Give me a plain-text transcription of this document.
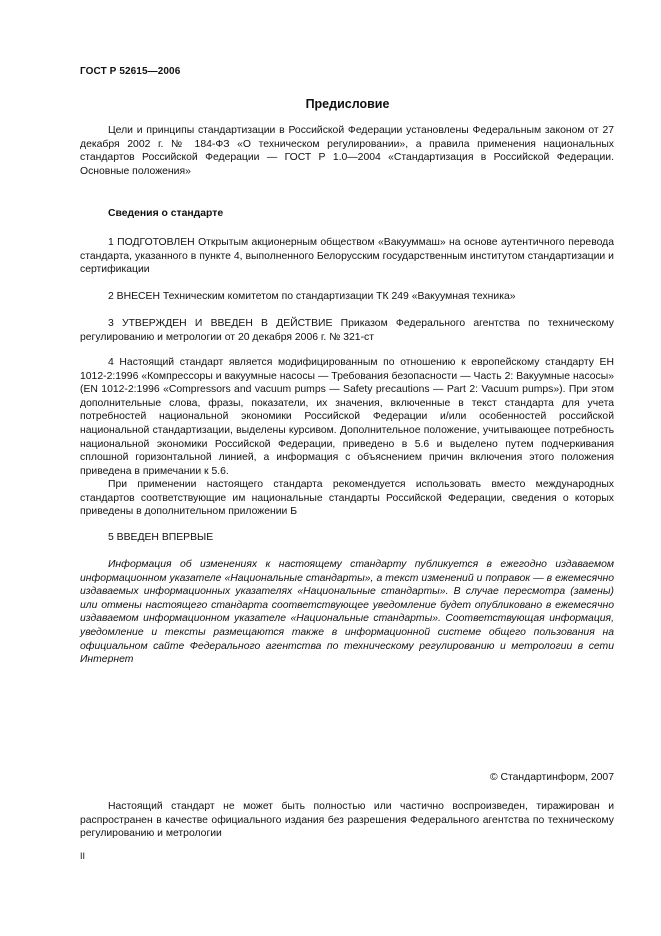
ГОСТ Р 52615—2006
Предисловие

Цели и принципы стандартизации в Российской Федерации установлены Федеральным законом от 27 декабря 2002 г. № 184-ФЗ «О техническом регулировании», а правила применения национальных стандартов Российской Федерации — ГОСТ Р 1.0—2004 «Стандартизация в Российской Федерации. Основные положения»

Сведения о стандарте

1 ПОДГОТОВЛЕН Открытым акционерным обществом «Вакууммаш» на основе аутентичного перевода стандарта, указанного в пункте 4, выполненного Белорусским государственным институтом стандартизации и сертификации

2 ВНЕСЕН Техническим комитетом по стандартизации ТК 249 «Вакуумная техника»

3 УТВЕРЖДЕН И ВВЕДЕН В ДЕЙСТВИЕ Приказом Федерального агентства по техническому регулированию и метрологии от 20 декабря 2006 г. № 321-ст

4 Настоящий стандарт является модифицированным по отношению к европейскому стандарту ЕН 1012-2:1996 «Компрессоры и вакуумные насосы — Требования безопасности — Часть 2: Вакуумные насосы» (EN 1012-2:1996 «Compressors and vacuum pumps — Safety precautions — Part 2: Vacuum pumps»). При этом дополнительные слова, фразы, показатели, их значения, включенные в текст стандарта для учета потребностей национальной экономики Российской Федерации и/или особенностей российской национальной стандартизации, выделены курсивом. Дополнительное положение, учитывающее потребность национальной экономики Российской Федерации, приведено в 5.6 и выделено путем подчеркивания сплошной горизонтальной линией, а информация с объяснением причин включения этого положения приведена в примечании к 5.6.

При применении настоящего стандарта рекомендуется использовать вместо международных стандартов соответствующие им национальные стандарты Российской Федерации, сведения о которых приведены в дополнительном приложении Б

5 ВВЕДЕН ВПЕРВЫЕ

Информация об изменениях к настоящему стандарту публикуется в ежегодно издаваемом информационном указателе «Национальные стандарты», а текст изменений и поправок — в ежемесячно издаваемых информационных указателях «Национальные стандарты». В случае пересмотра (замены) или отмены настоящего стандарта соответствующее уведомление будет опубликовано в ежемесячно издаваемом информационном указателе «Национальные стандарты». Соответствующая информация, уведомление и тексты размещаются также в информационной системе общего пользования на официальном сайте Федерального агентства по техническому регулированию и метрологии в сети Интернет

© Стандартинформ, 2007

Настоящий стандарт не может быть полностью или частично воспроизведен, тиражирован и распространен в качестве официального издания без разрешения Федерального агентства по техническому регулированию и метрологии

II
